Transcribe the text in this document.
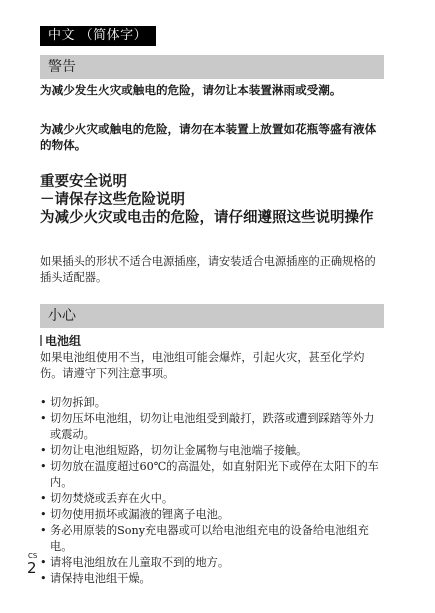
中文 （简体字）
警告

为减少发生火灾或触电的危险，请勿让本装置淋雨或受潮。

为减少火灾或触电的危险，请勿在本装置上放置如花瓶等盛有液体的物体。

重要安全说明

－请保存这些危险说明

为减少火灾或电击的危险，请仔细遵照这些说明操作

如果插头的形状不适合电源插座，请安装适合电源插座的正确规格的插头适配器。

小心
电池组

如果电池组使用不当，电池组可能会爆炸，引起火灾，甚至化学灼伤。请遵守下列注意事项。

• 切勿拆卸。
• 切勿压坏电池组，切勿让电池组受到敲打，跌落或遭到踩踏等外力或震动。
• 切勿让电池组短路，切勿让金属物与电池端子接触。
• 切勿放在温度超过60℃的高温处，如直射阳光下或停在太阳下的车内。
• 切勿焚烧或丢弃在火中。
• 切勿使用损坏或漏液的锂离子电池。
• 务必用原装的Sony充电器或可以给电池组充电的设备给电池组充电。
• 请将电池组放在儿童取不到的地方。
• 请保持电池组干燥。
CS
2
